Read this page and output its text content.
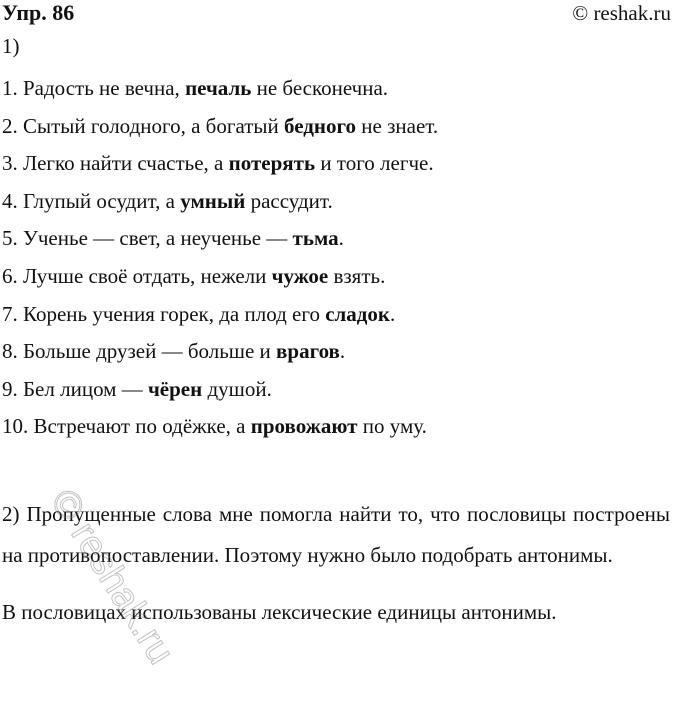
Упр. 86	© reshak.ru
1)
1. Радость не вечна, печаль не бесконечна.
2. Сытый голодного, а богатый бедного не знает.
3. Легко найти счастье, а потерять и того легче.
4. Глупый осудит, а умный рассудит.
5. Ученье — свет, а неученье — тьма.
6. Лучше своё отдать, нежели чужое взять.
7. Корень учения горек, да плод его сладок.
8. Больше друзей — больше и врагов.
9. Бел лицом — чёрен душой.
10. Встречают по одёжке, а провожают по уму.
2) Пропущенные слова мне помогла найти то, что пословицы построены на противопоставлении. Поэтому нужно было подобрать антонимы.
В пословицах использованы лексические единицы антонимы.
© reshak.ru
